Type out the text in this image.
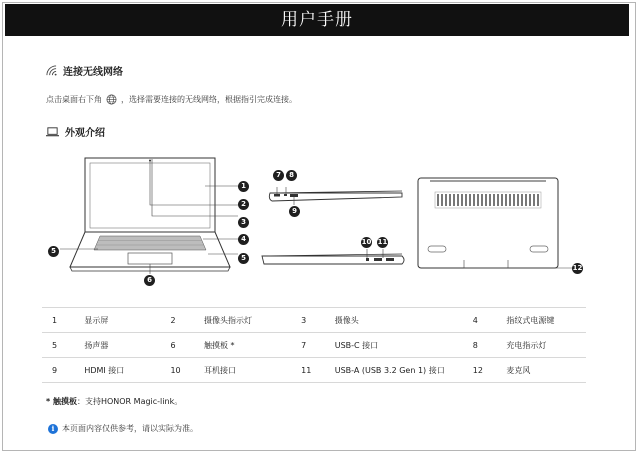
用户手册
连接无线网络
点击桌面右下角 ，选择需要连接的无线网络，根据指引完成连接。
外观介绍
1
2
3
4
5
5
6
7	8
9
10 11
12
1	显示屏	2	摄像头指示灯	3	摄像头	4	指纹式电源键
5	扬声器	6	触摸板 *	7	USB-C 接口	8	充电指示灯
9	HDMI 接口	10	耳机接口	11	USB-A (USB 3.2 Gen 1) 接口	12	麦克风
* 触摸板：支持HONOR Magic-link。
i 本页面内容仅供参考，请以实际为准。
